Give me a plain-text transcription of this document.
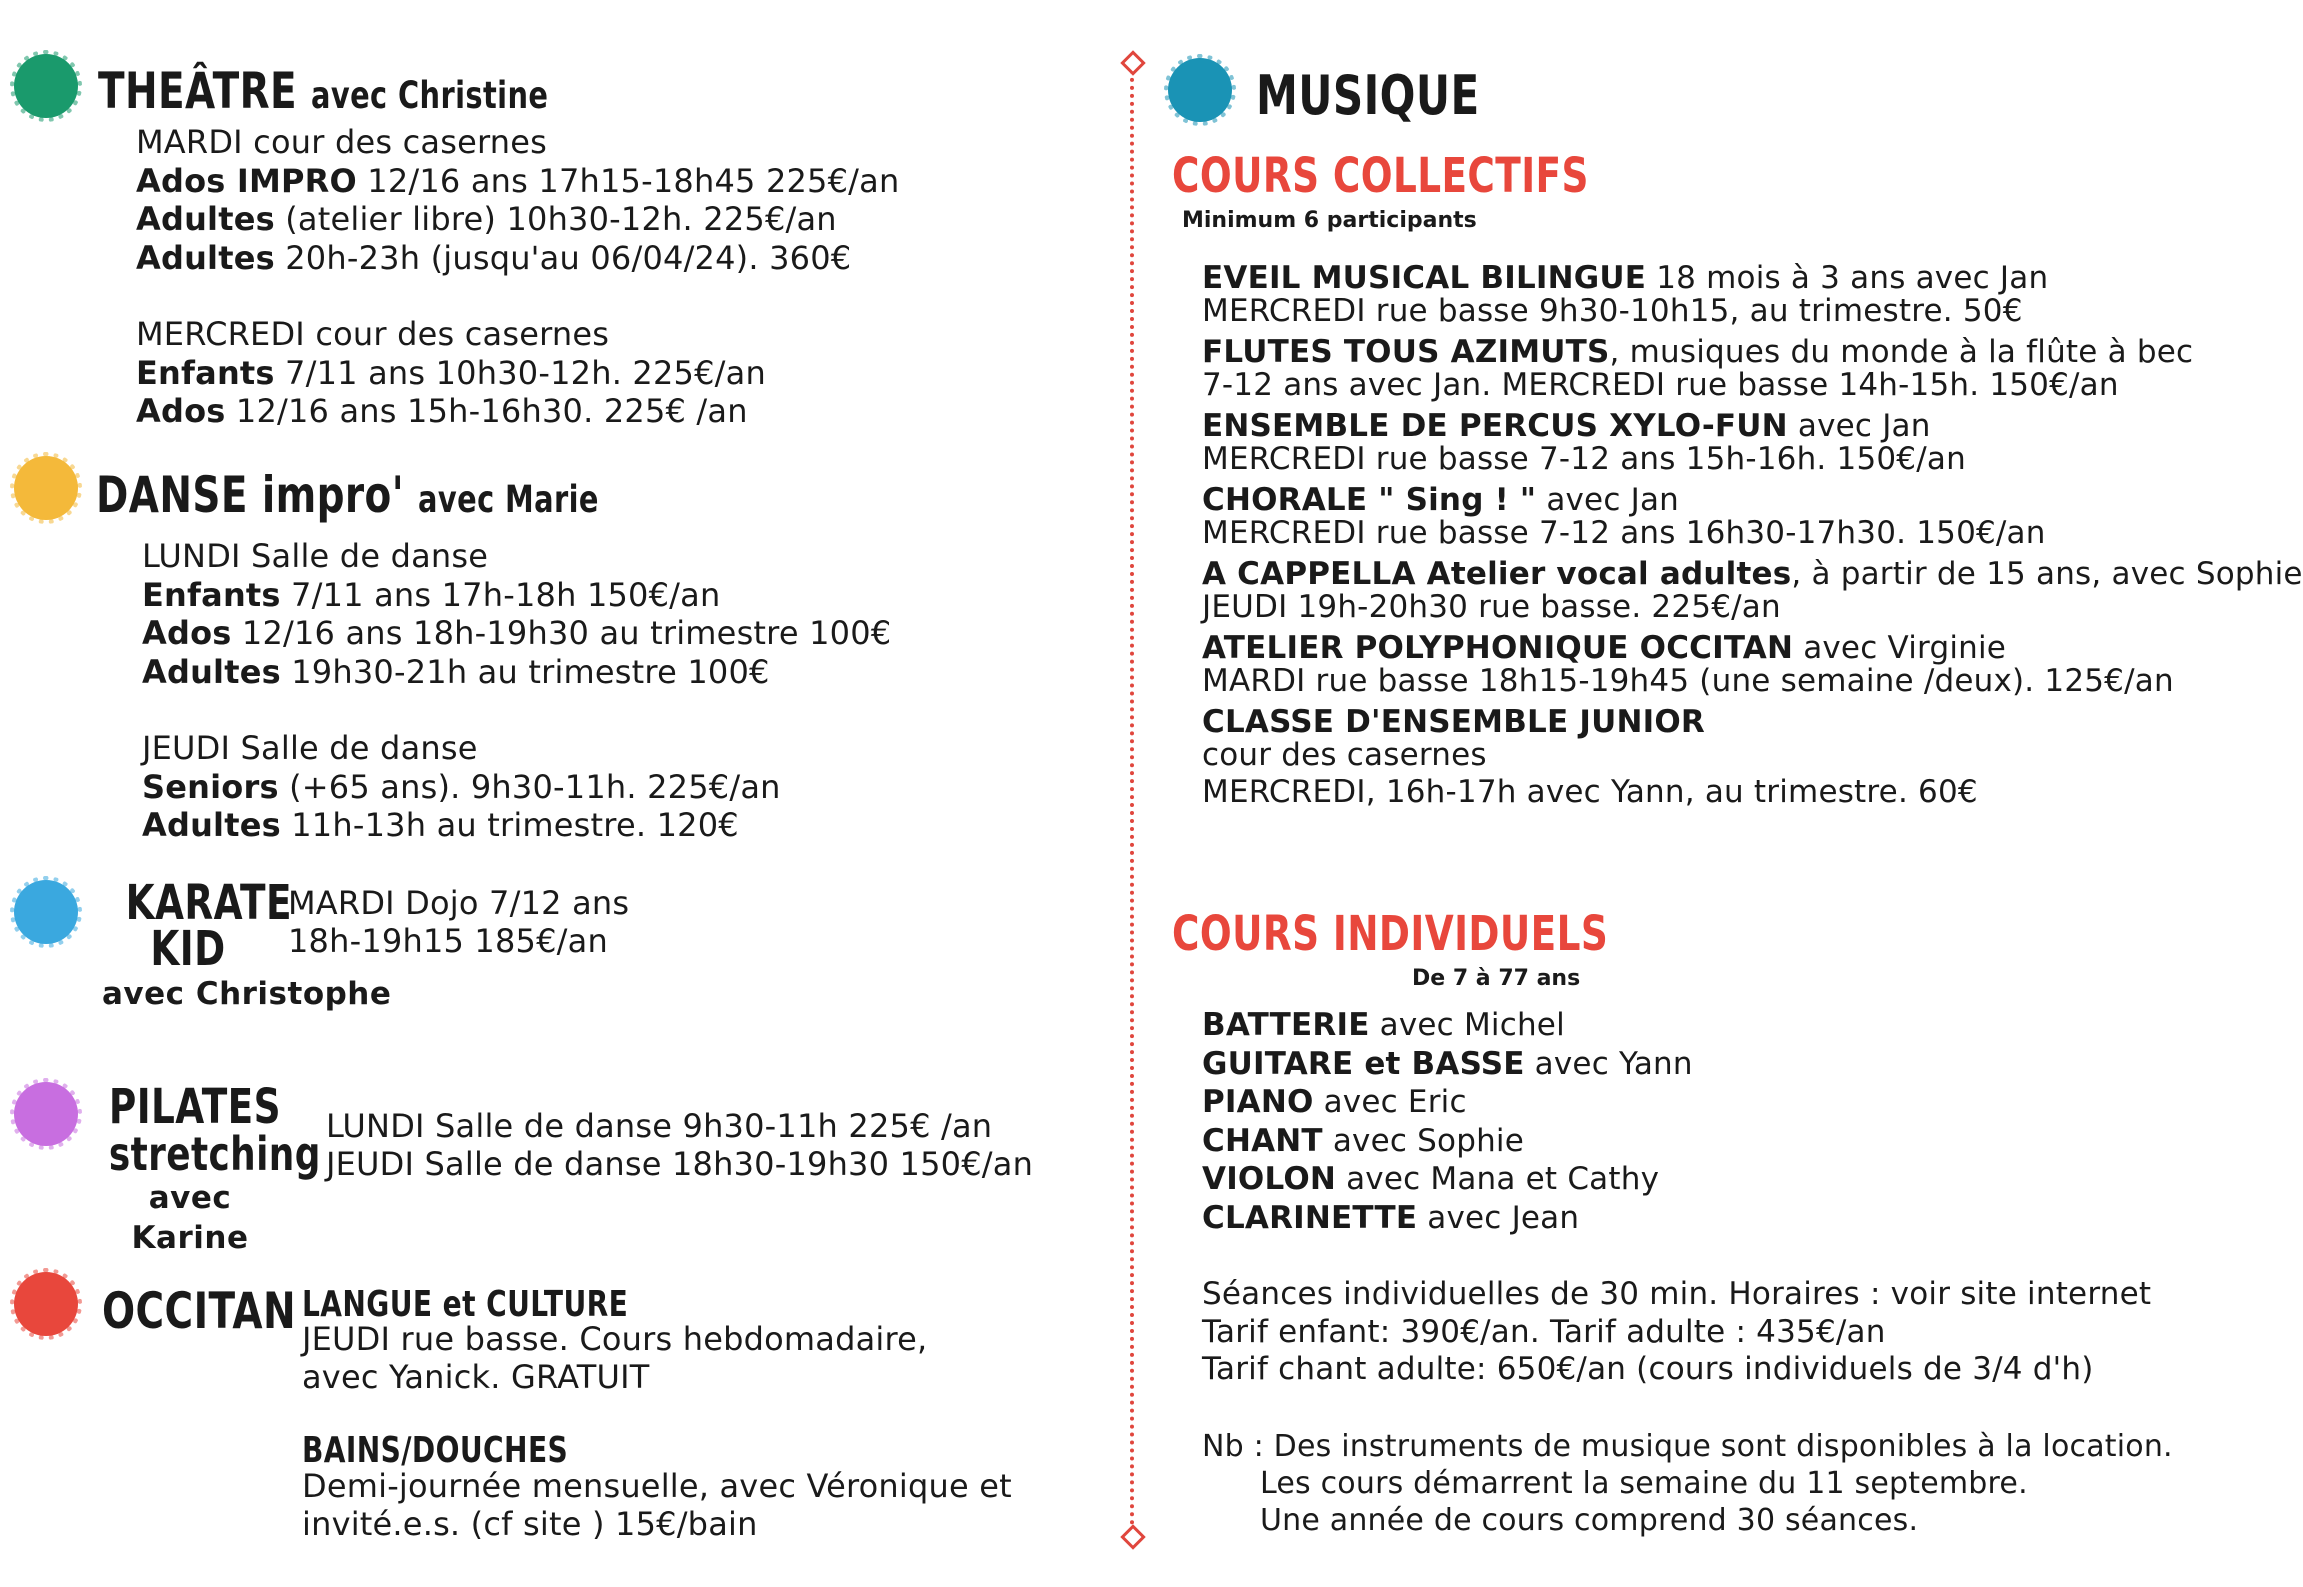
THEÂTRE avec Christine
MARDI cour des casernes
Ados IMPRO 12/16 ans 17h15-18h45 225€/an
Adultes (atelier libre) 10h30-12h. 225€/an
Adultes 20h-23h (jusqu'au 06/04/24). 360€
MERCREDI cour des casernes
Enfants 7/11 ans 10h30-12h. 225€/an
Ados 12/16 ans 15h-16h30. 225€ /an
DANSE impro' avec Marie
LUNDI Salle de danse
Enfants 7/11 ans 17h-18h 150€/an
Ados 12/16 ans 18h-19h30 au trimestre 100€
Adultes 19h30-21h au trimestre 100€
JEUDI Salle de danse
Seniors (+65 ans). 9h30-11h. 225€/an
Adultes 11h-13h au trimestre. 120€
KARATE
KID
avec Christophe
MARDI Dojo 7/12 ans
18h-19h15 185€/an
PILATES
stretching
avec Karine
LUNDI Salle de danse 9h30-11h 225€ /an
JEUDI Salle de danse 18h30-19h30 150€/an
OCCITAN LANGUE et CULTURE
JEUDI rue basse. Cours hebdomadaire,
avec Yanick. GRATUIT
BAINS/DOUCHES
Demi-journée mensuelle, avec Véronique et
invité.e.s. (cf site ) 15€/bain
MUSIQUE
COURS COLLECTIFS
Minimum 6 participants
EVEIL MUSICAL BILINGUE 18 mois à 3 ans avec Jan
MERCREDI rue basse 9h30-10h15, au trimestre. 50€
FLUTES TOUS AZIMUTS, musiques du monde à la flûte à bec
7-12 ans avec Jan. MERCREDI rue basse 14h-15h. 150€/an
ENSEMBLE DE PERCUS XYLO-FUN avec Jan
MERCREDI rue basse 7-12 ans 15h-16h. 150€/an
CHORALE " Sing ! " avec Jan
MERCREDI rue basse 7-12 ans 16h30-17h30. 150€/an
A CAPPELLA Atelier vocal adultes, à partir de 15 ans, avec Sophie
JEUDI 19h-20h30 rue basse. 225€/an
ATELIER POLYPHONIQUE OCCITAN avec Virginie
MARDI rue basse 18h15-19h45 (une semaine /deux). 125€/an
CLASSE D'ENSEMBLE JUNIOR
cour des casernes
MERCREDI, 16h-17h avec Yann, au trimestre. 60€
COURS INDIVIDUELS
De 7 à 77 ans
BATTERIE avec Michel
GUITARE et BASSE avec Yann
PIANO avec Eric
CHANT avec Sophie
VIOLON avec Mana et Cathy
CLARINETTE avec Jean
Séances individuelles de 30 min. Horaires : voir site internet
Tarif enfant: 390€/an. Tarif adulte : 435€/an
Tarif chant adulte: 650€/an (cours individuels de 3/4 d'h)
Nb : Des instruments de musique sont disponibles à la location.
Les cours démarrent la semaine du 11 septembre.
Une année de cours comprend 30 séances.
